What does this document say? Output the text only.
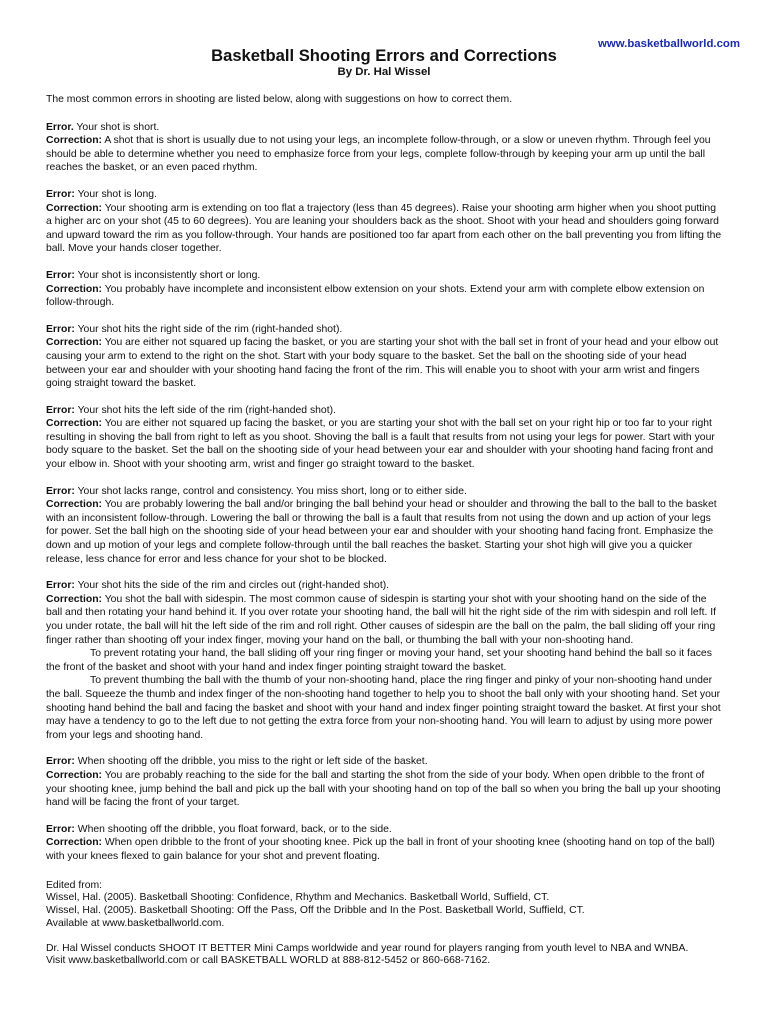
www.basketballworld.com
Basketball Shooting Errors and Corrections
By Dr. Hal Wissel

The most common errors in shooting are listed below, along with suggestions on how to correct them.

Error. Your shot is short.

Correction: A shot that is short is usually due to not using your legs, an incomplete follow-through, or a slow or uneven rhythm. Through feel you should be able to determine whether you need to emphasize force from your legs, complete follow-through by keeping your arm up until the ball reaches the basket, or an even paced rhythm.

Error: Your shot is long.

Correction: Your shooting arm is extending on too flat a trajectory (less than 45 degrees). Raise your shooting arm higher when you shoot putting a higher arc on your shot (45 to 60 degrees). You are leaning your shoulders back as the shoot. Shoot with your head and shoulders going forward and upward toward the rim as you follow-through. Your hands are positioned too far apart from each other on the ball preventing you from lifting the ball. Move your hands closer together.

Error: Your shot is inconsistently short or long.

Correction: You probably have incomplete and inconsistent elbow extension on your shots. Extend your arm with complete elbow extension on follow-through.

Error: Your shot hits the right side of the rim (right-handed shot).

Correction: You are either not squared up facing the basket, or you are starting your shot with the ball set in front of your head and your elbow out causing your arm to extend to the right on the shot. Start with your body square to the basket. Set the ball on the shooting side of your head between your ear and shoulder with your shooting hand facing the front of the rim. This will enable you to shoot with your arm wrist and fingers going straight toward the basket.

Error: Your shot hits the left side of the rim (right-handed shot).

Correction: You are either not squared up facing the basket, or you are starting your shot with the ball set on your right hip or too far to your right resulting in shoving the ball from right to left as you shoot. Shoving the ball is a fault that results from not using your legs for power. Start with your body square to the basket. Set the ball on the shooting side of your head between your ear and shoulder with your shooting hand facing front and your elbow in. Shoot with your shooting arm, wrist and finger go straight toward to the basket.

Error: Your shot lacks range, control and consistency. You miss short, long or to either side.

Correction: You are probably lowering the ball and/or bringing the ball behind your head or shoulder and throwing the ball to the ball to the basket with an inconsistent follow-through. Lowering the ball or throwing the ball is a fault that results from not using the down and up action of your legs for power. Set the ball high on the shooting side of your head between your ear and shoulder with your shooting hand facing front. Emphasize the down and up motion of your legs and complete follow-through until the ball reaches the basket. Starting your shot high will give you a quicker release, less chance for error and less chance for your shot to be blocked.

Error: Your shot hits the side of the rim and circles out (right-handed shot).

Correction: You shot the ball with sidespin. The most common cause of sidespin is starting your shot with your shooting hand on the side of the ball and then rotating your hand behind it. If you over rotate your shooting hand, the ball will hit the right side of the rim with sidespin and roll left. If you under rotate, the ball will hit the left side of the rim and roll right. Other causes of sidespin are the ball on the palm, the ball sliding off your ring finger rather than shooting off your index finger, moving your hand on the ball, or thumbing the ball with your non-shooting hand.

To prevent rotating your hand, the ball sliding off your ring finger or moving your hand, set your shooting hand behind the ball so it faces the front of the basket and shoot with your hand and index finger pointing straight toward the basket.

To prevent thumbing the ball with the thumb of your non-shooting hand, place the ring finger and pinky of your non-shooting hand under the ball. Squeeze the thumb and index finger of the non-shooting hand together to help you to shoot the ball only with your shooting hand. Set your shooting hand behind the ball and facing the basket and shoot with your hand and index finger pointing straight toward the basket. At first your shot may have a tendency to go to the left due to not getting the extra force from your non-shooting hand. You will learn to adjust by using more power from your legs and shooting hand.

Error: When shooting off the dribble, you miss to the right or left side of the basket.

Correction: You are probably reaching to the side for the ball and starting the shot from the side of your body. When open dribble to the front of your shooting knee, jump behind the ball and pick up the ball with your shooting hand on top of the ball so when you bring the ball up your shooting hand will be facing the front of your target.

Error: When shooting off the dribble, you float forward, back, or to the side.

Correction: When open dribble to the front of your shooting knee. Pick up the ball in front of your shooting knee (shooting hand on top of the ball) with your knees flexed to gain balance for your shot and prevent floating.

Edited from:

Wissel, Hal. (2005). Basketball Shooting: Confidence, Rhythm and Mechanics. Basketball World, Suffield, CT.

Wissel, Hal. (2005). Basketball Shooting: Off the Pass, Off the Dribble and In the Post. Basketball World, Suffield, CT.

Available at www.basketballworld.com.

Dr. Hal Wissel conducts SHOOT IT BETTER Mini Camps worldwide and year round for players ranging from youth level to NBA and WNBA.

Visit www.basketballworld.com or call BASKETBALL WORLD at 888-812-5452 or 860-668-7162.
